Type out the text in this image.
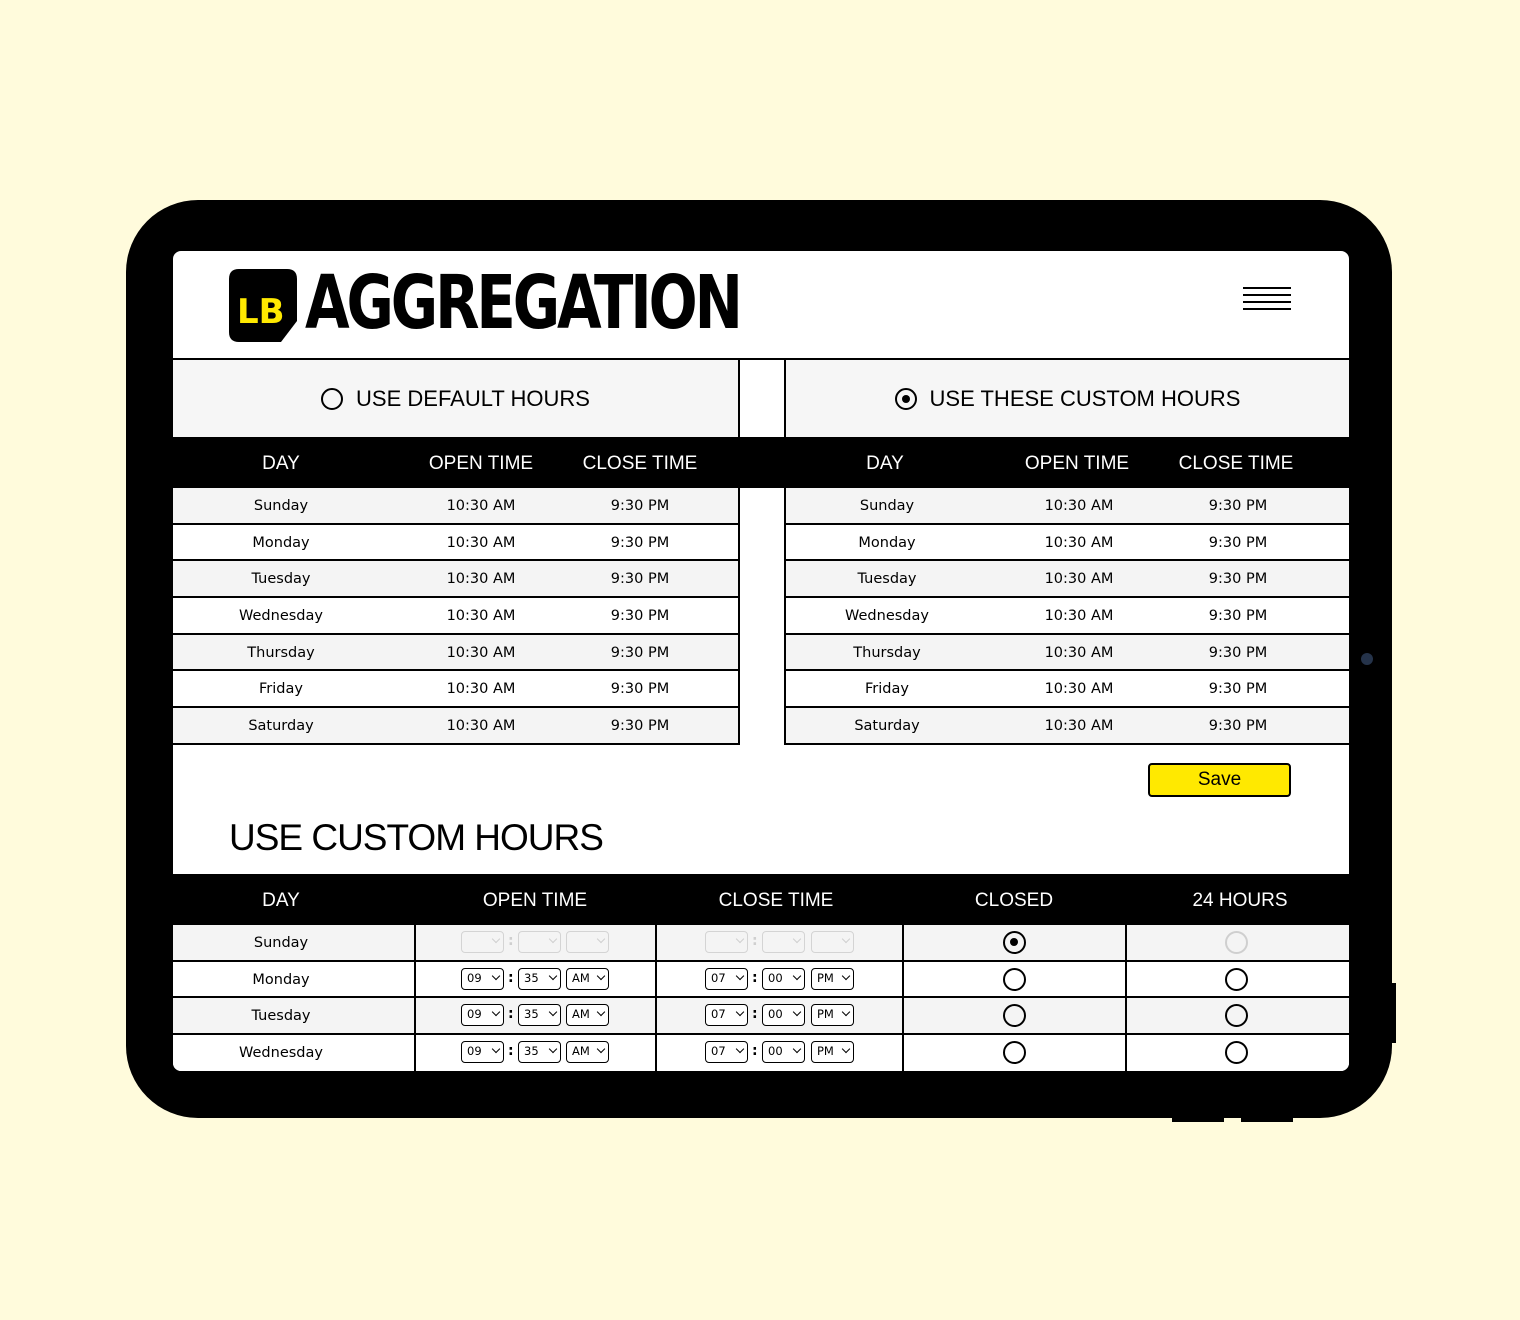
LB AGGREGATION
USE DEFAULT HOURS	USE THESE CUSTOM HOURS
DAY	OPEN TIME	CLOSE TIME	DAY	OPEN TIME	CLOSE TIME
Sunday	10:30 AM	9:30 PM
Monday	10:30 AM	9:30 PM
Tuesday	10:30 AM	9:30 PM
Wednesday	10:30 AM	9:30 PM
Thursday	10:30 AM	9:30 PM
Friday	10:30 AM	9:30 PM
Saturday	10:30 AM	9:30 PM
Sunday	10:30 AM	9:30 PM
Monday	10:30 AM	9:30 PM
Tuesday	10:30 AM	9:30 PM
Wednesday	10:30 AM	9:30 PM
Thursday	10:30 AM	9:30 PM
Friday	10:30 AM	9:30 PM
Saturday	10:30 AM	9:30 PM
Save
USE CUSTOM HOURS
DAY	OPEN TIME	CLOSE TIME	CLOSED	24 HOURS
Sunday	:	:
Monday	09	: 35	AM	07	: 00	PM
Tuesday	09	: 35	AM	07	: 00	PM
Wednesday	09	: 35	AM	07	: 00	PM
